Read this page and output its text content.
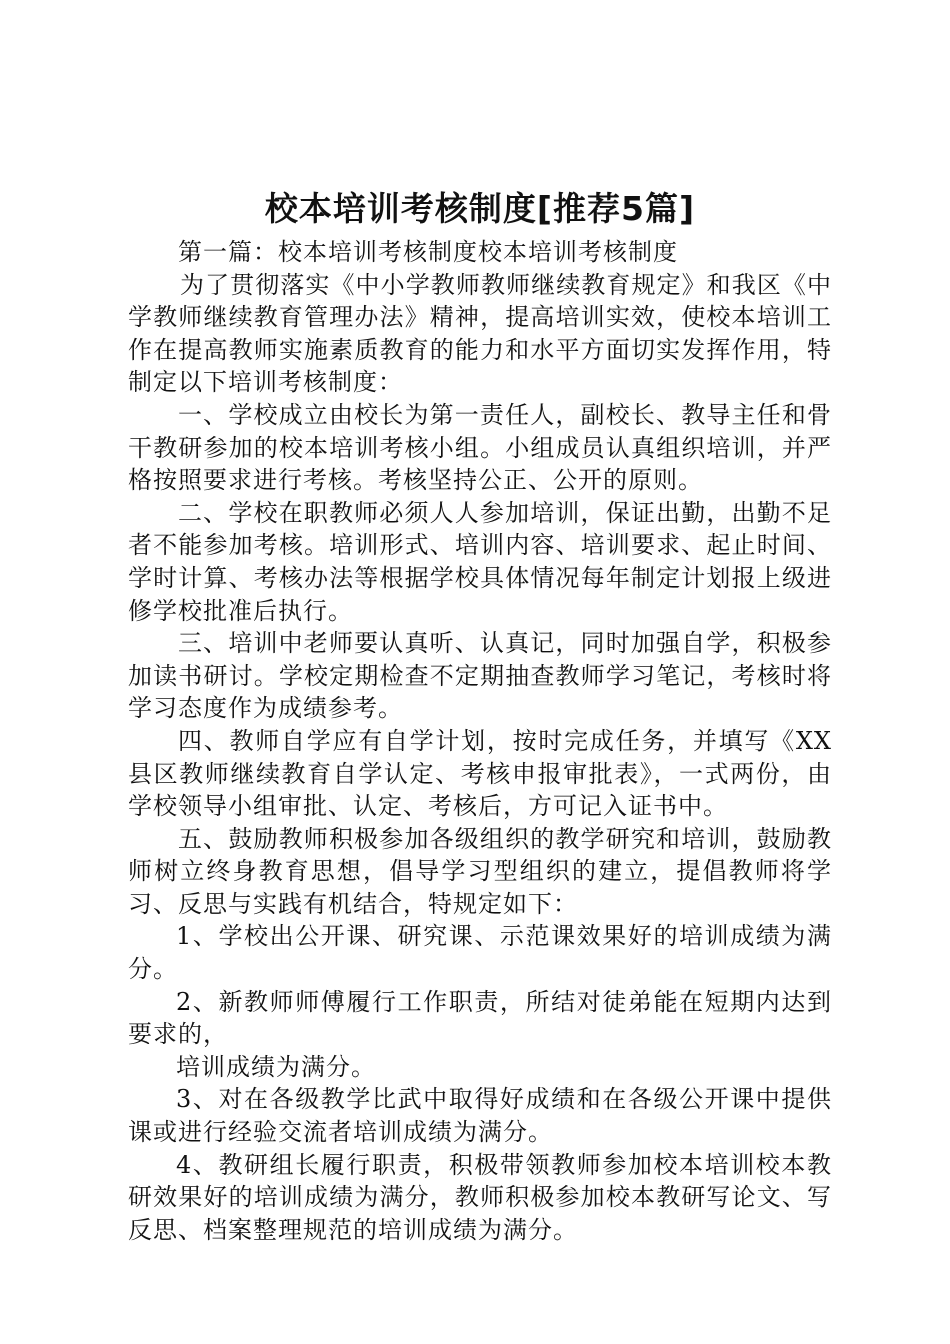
校本培训考核制度[推荐5篇]

第一篇：校本培训考核制度校本培训考核制度

为了贯彻落实《中小学教师教师继续教育规定》和我区《中学教师继续教育管理办法》精神，提高培训实效，使校本培训工作在提高教师实施素质教育的能力和水平方面切实发挥作用，特制定以下培训考核制度：

一、学校成立由校长为第一责任人，副校长、教导主任和骨干教研参加的校本培训考核小组。小组成员认真组织培训，并严格按照要求进行考核。考核坚持公正、公开的原则。

二、学校在职教师必须人人参加培训，保证出勤，出勤不足者不能参加考核。培训形式、培训内容、培训要求、起止时间、学时计算、考核办法等根据学校具体情况每年制定计划报上级进修学校批准后执行。

三、培训中老师要认真听、认真记，同时加强自学，积极参加读书研讨。学校定期检查不定期抽查教师学习笔记，考核时将学习态度作为成绩参考。

四、教师自学应有自学计划，按时完成任务，并填写《XX县区教师继续教育自学认定、考核申报审批表》，一式两份，由学校领导小组审批、认定、考核后，方可记入证书中。

五、鼓励教师积极参加各级组织的教学研究和培训，鼓励教师树立终身教育思想，倡导学习型组织的建立，提倡教师将学习、反思与实践有机结合，特规定如下：

1、学校出公开课、研究课、示范课效果好的培训成绩为满分。

2、新教师师傅履行工作职责，所结对徒弟能在短期内达到要求的，

培训成绩为满分。

3、对在各级教学比武中取得好成绩和在各级公开课中提供课或进行经验交流者培训成绩为满分。

4、教研组长履行职责，积极带领教师参加校本培训校本教研效果好的培训成绩为满分，教师积极参加校本教研写论文、写反思、档案整理规范的培训成绩为满分。
